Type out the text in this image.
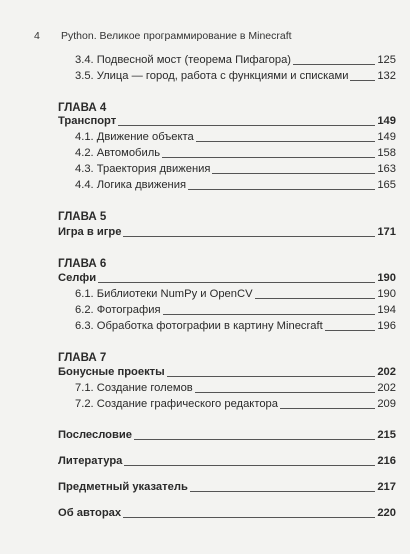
4 Python. Великое программирование в Minecraft
3.4. Подвесной мост (теорема Пифагора)	125
3.5. Улица — город, работа с функциями и списками	132
ГЛАВА 4
Транспорт	149
4.1. Движение объекта	149
4.2. Автомобиль	158
4.3. Траектория движения	163
4.4. Логика движения	165
ГЛАВА 5
Игра в игре	171
ГЛАВА 6
Селфи	190
6.1. Библиотеки NumPy и OpenCV	190
6.2. Фотография	194
6.3. Обработка фотографии в картину Minecraft	196
ГЛАВА 7
Бонусные проекты	202
7.1. Создание големов	202
7.2. Создание графического редактора	209
Послесловие	215
Литература	216
Предметный указатель	217
Об авторах	220
